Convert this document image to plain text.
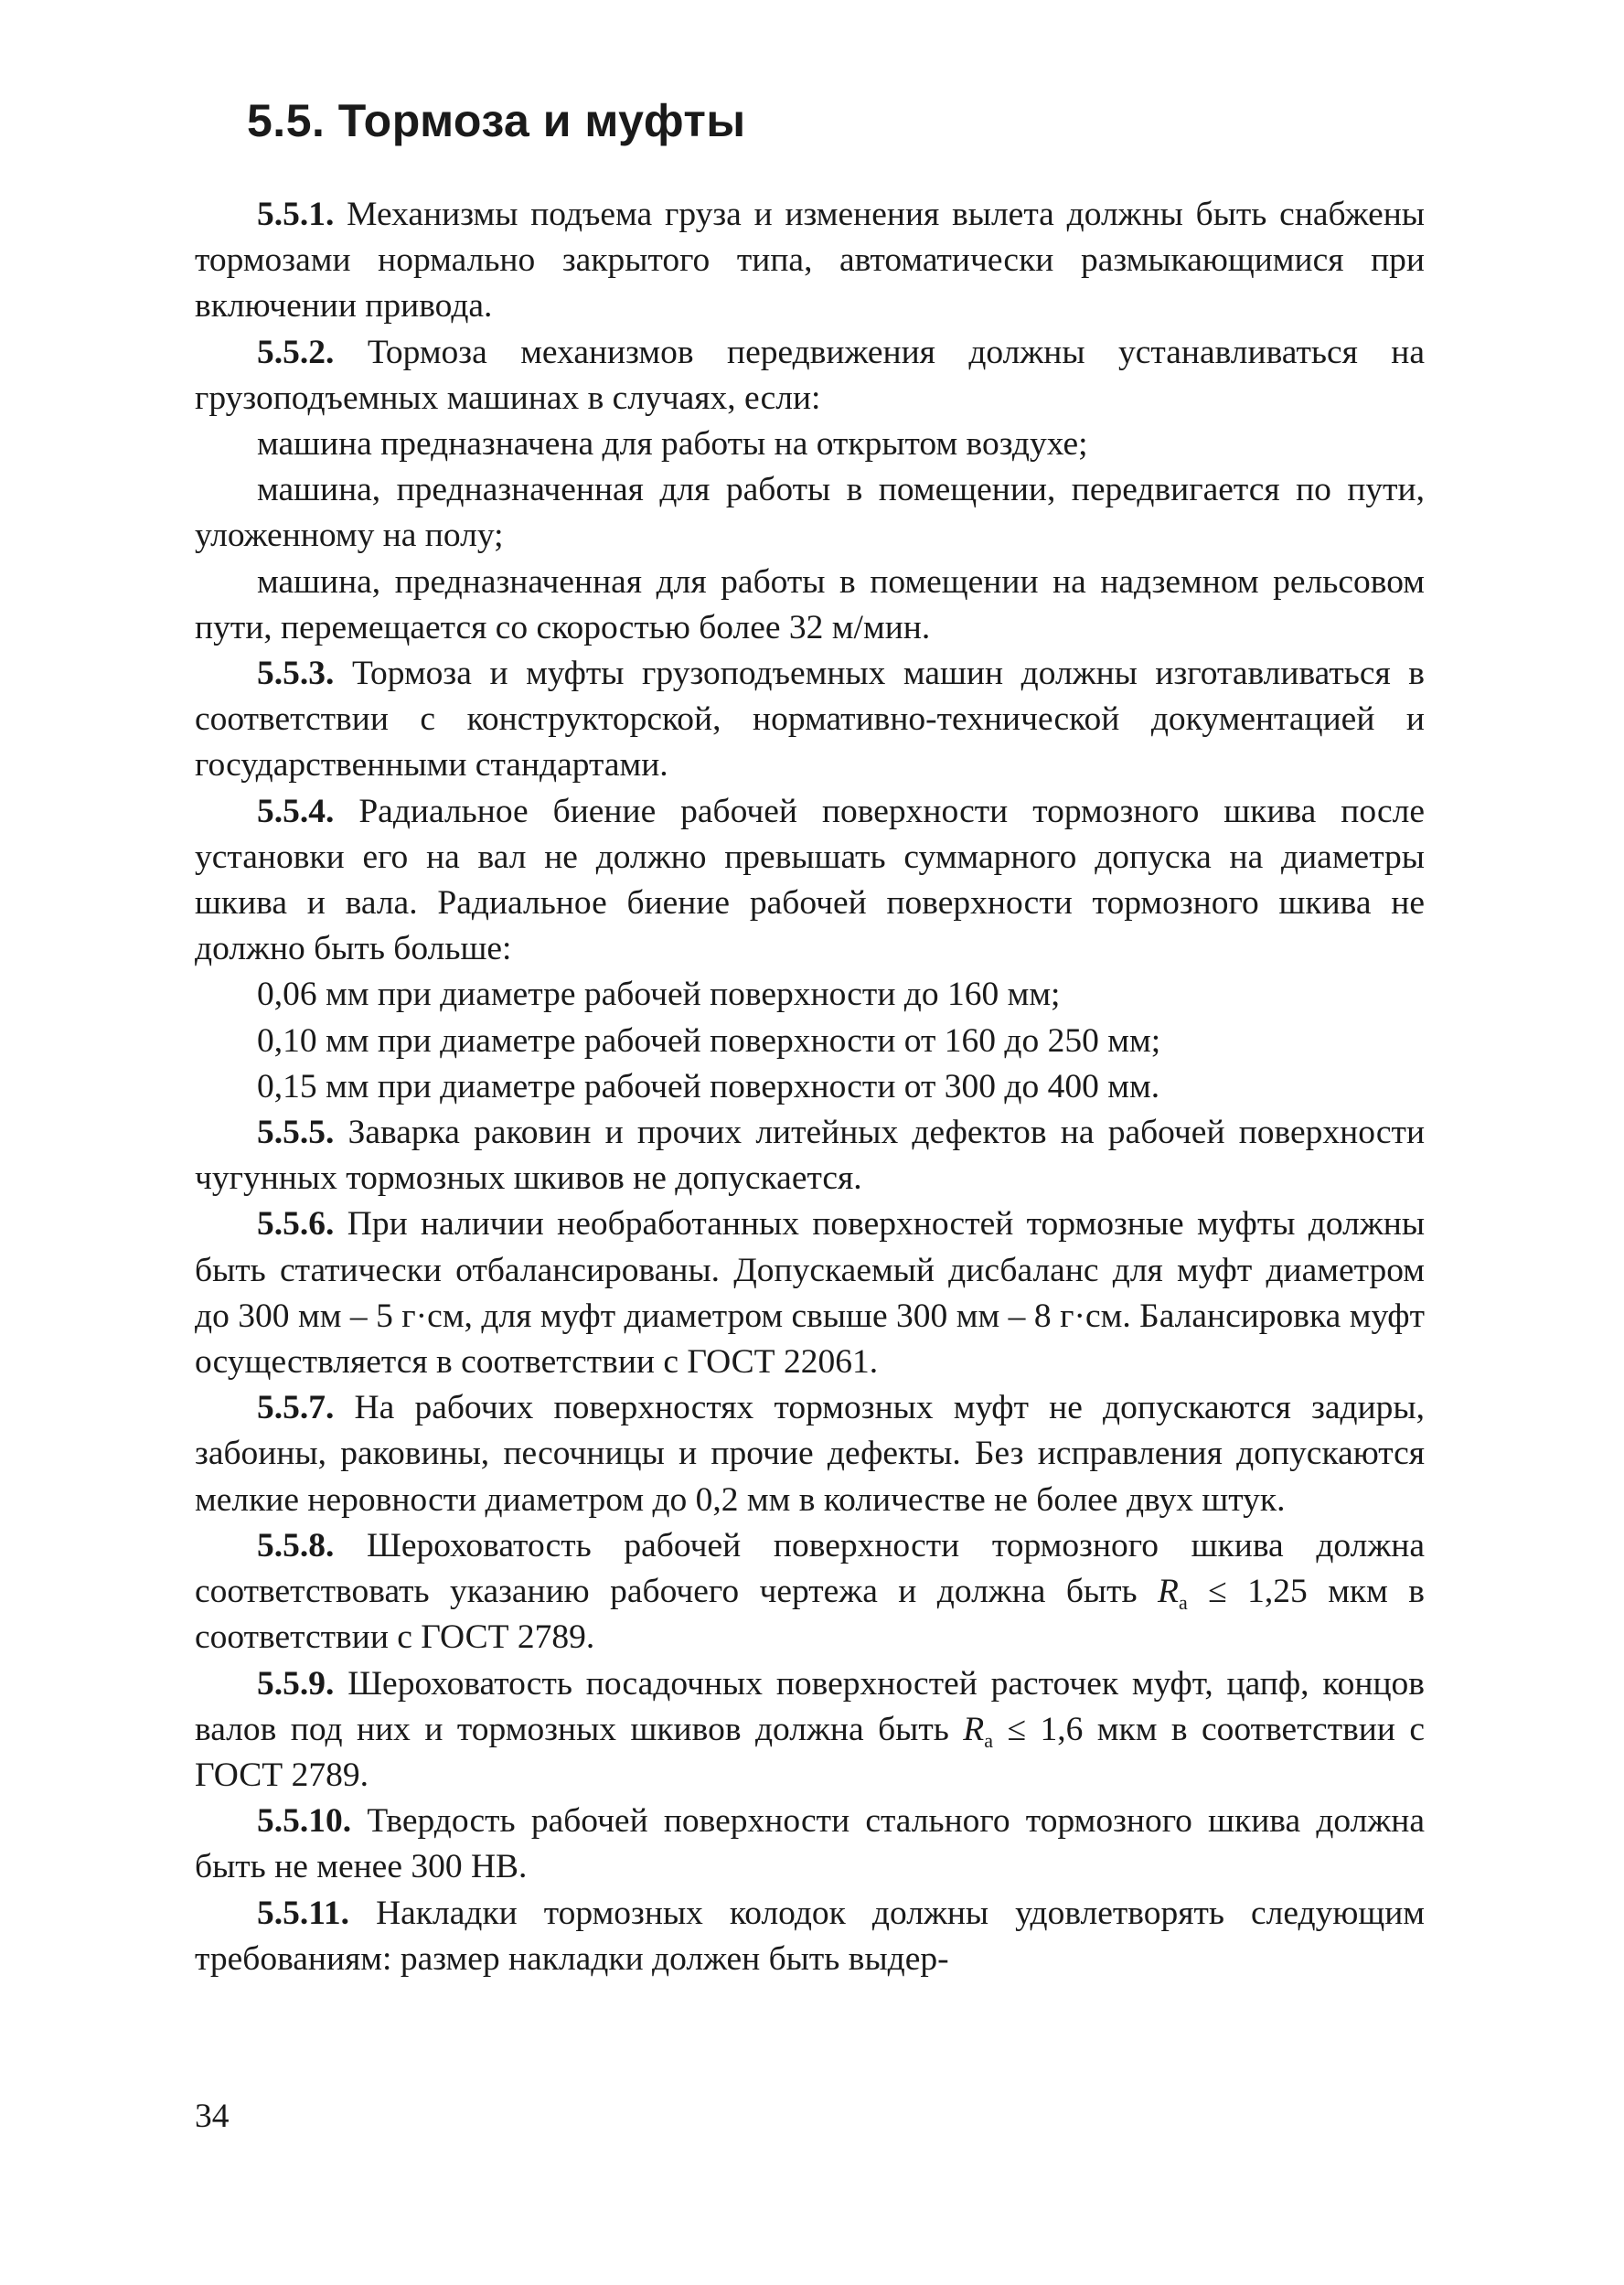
5.5. Тормоза и муфты

5.5.1. Механизмы подъема груза и изменения вылета должны быть снабжены тормозами нормально закрытого типа, автоматически размыкающимися при включении привода.

5.5.2. Тормоза механизмов передвижения должны устанавливаться на грузоподъемных машинах в случаях, если:

машина предназначена для работы на открытом воздухе;

машина, предназначенная для работы в помещении, передвигается по пути, уложенному на полу;

машина, предназначенная для работы в помещении на надземном рельсовом пути, перемещается со скоростью более 32 м/мин.

5.5.3. Тормоза и муфты грузоподъемных машин должны изготавливаться в соответствии с конструкторской, нормативно-технической документацией и государственными стандартами.

5.5.4. Радиальное биение рабочей поверхности тормозного шкива после установки его на вал не должно превышать суммарного допуска на диаметры шкива и вала. Радиальное биение рабочей поверхности тормозного шкива не должно быть больше:

0,06 мм при диаметре рабочей поверхности до 160 мм;

0,10 мм при диаметре рабочей поверхности от 160 до 250 мм;

0,15 мм при диаметре рабочей поверхности от 300 до 400 мм.

5.5.5. Заварка раковин и прочих литейных дефектов на рабочей поверхности чугунных тормозных шкивов не допускается.

5.5.6. При наличии необработанных поверхностей тормозные муфты должны быть статически отбалансированы. Допускаемый дисбаланс для муфт диаметром до 300 мм – 5 г·см, для муфт диаметром свыше 300 мм – 8 г·см. Балансировка муфт осуществляется в соответствии с ГОСТ 22061.

5.5.7. На рабочих поверхностях тормозных муфт не допускаются задиры, забоины, раковины, песочницы и прочие дефекты. Без исправления допускаются мелкие неровности диаметром до 0,2 мм в количестве не более двух штук.

5.5.8. Шероховатость рабочей поверхности тормозного шкива должна соответствовать указанию рабочего чертежа и должна быть $R_a \le 1,25$ мкм в соответствии с ГОСТ 2789.

5.5.9. Шероховатость посадочных поверхностей расточек муфт, цапф, концов валов под них и тормозных шкивов должна быть $R_a \le 1,6$ мкм в соответствии с ГОСТ 2789.

5.5.10. Твердость рабочей поверхности стального тормозного шкива должна быть не менее 300 НВ.

5.5.11. Накладки тормозных колодок должны удовлетворять следующим требованиям: размер накладки должен быть выдер-

34
